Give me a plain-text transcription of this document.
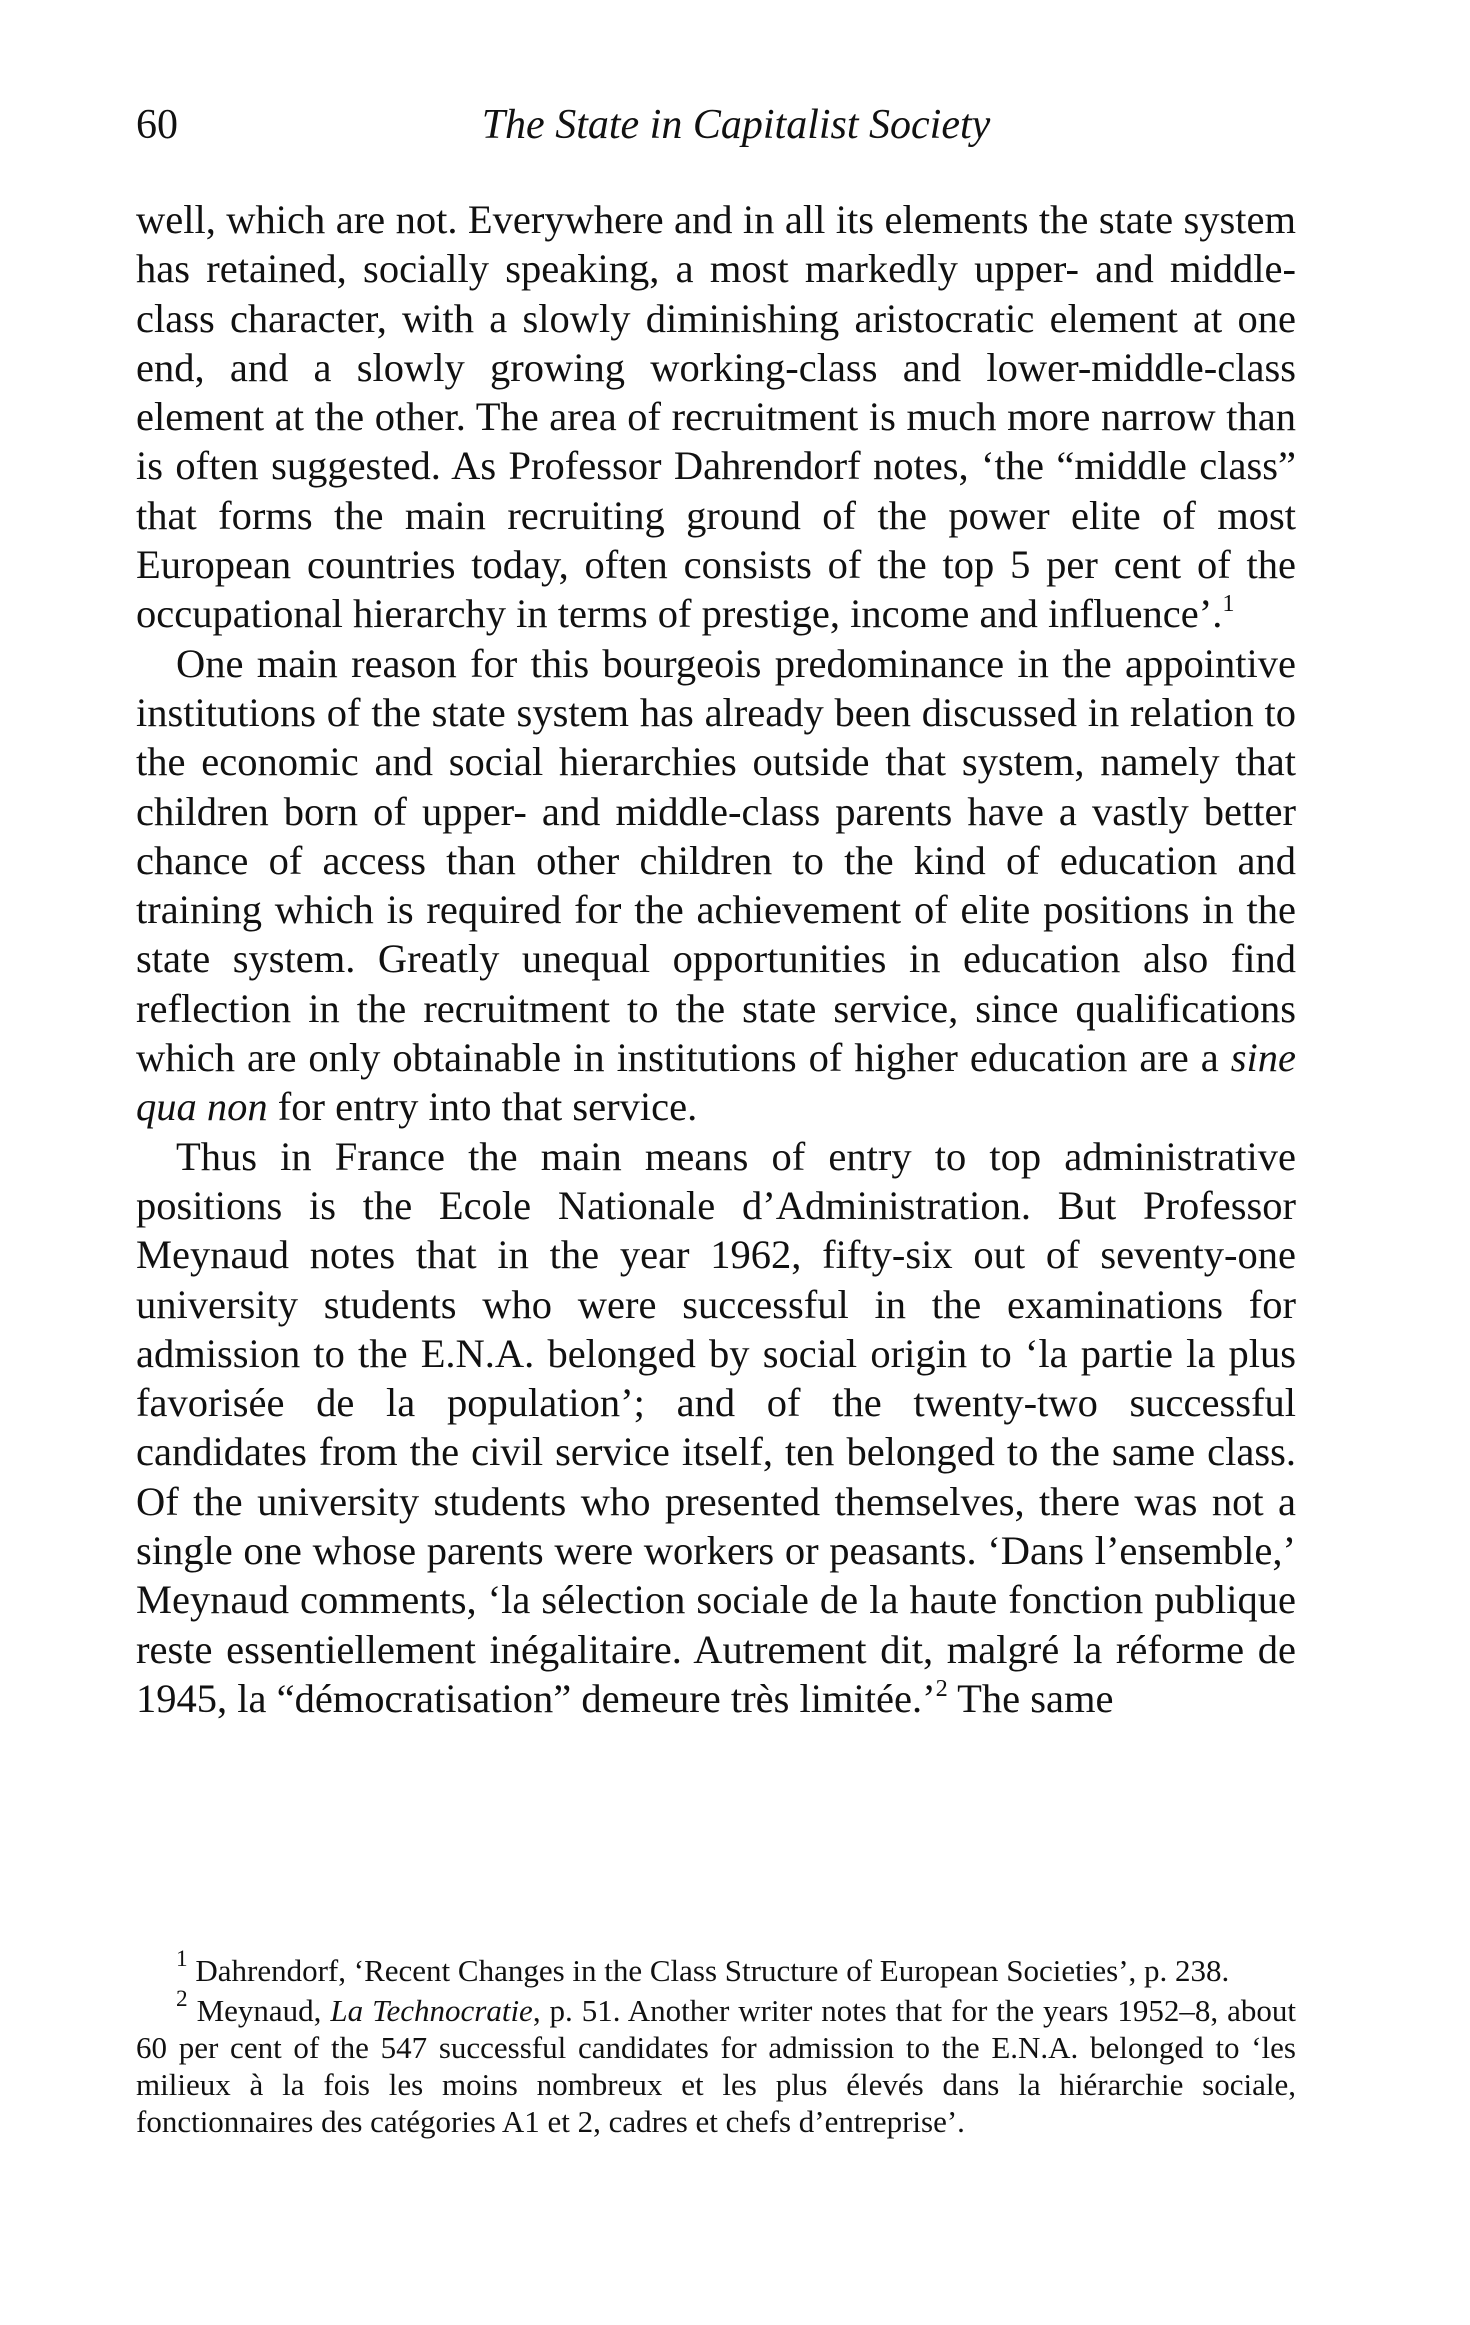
60	The State in Capitalist Society

well, which are not. Everywhere and in all its elements the state system has retained, socially speaking, a most markedly upper- and middle-class character, with a slowly diminishing aristocratic element at one end, and a slowly growing working-class and lower-middle-class element at the other. The area of recruitment is much more narrow than is often suggested. As Professor Dahrendorf notes, ‘the “middle class” that forms the main recruiting ground of the power elite of most European countries today, often consists of the top 5 per cent of the occupational hierarchy in terms of prestige, income and influence’.$^1$

One main reason for this bourgeois predominance in the appointive institutions of the state system has already been discussed in relation to the economic and social hierarchies outside that system, namely that children born of upper- and middle-class parents have a vastly better chance of access than other children to the kind of education and training which is required for the achievement of elite positions in the state system. Greatly unequal opportunities in education also find reflection in the recruitment to the state service, since qualifications which are only obtainable in institutions of higher education are a sine qua non for entry into that service.

Thus in France the main means of entry to top administrative positions is the Ecole Nationale d’Administration. But Professor Meynaud notes that in the year 1962, fifty-six out of seventy-one university students who were successful in the examinations for admission to the E.N.A. belonged by social origin to ‘la partie la plus favorisée de la population’; and of the twenty-two successful candidates from the civil service itself, ten belonged to the same class. Of the university students who presented themselves, there was not a single one whose parents were workers or peasants. ‘Dans l’ensemble,’ Meynaud comments, ‘la sélection sociale de la haute fonction publique reste essentiellement inégalitaire. Autrement dit, malgré la réforme de 1945, la “démocratisation” demeure très limitée.’$^2$ The same

$^1$ Dahrendorf, ‘Recent Changes in the Class Structure of European Societies’, p. 238.

$^2$ Meynaud, La Technocratie, p. 51. Another writer notes that for the years 1952–8, about 60 per cent of the 547 successful candidates for admission to the E.N.A. belonged to ‘les milieux à la fois les moins nombreux et les plus élevés dans la hiérarchie sociale, fonctionnaires des catégories A1 et 2, cadres et chefs d’entreprise’.
